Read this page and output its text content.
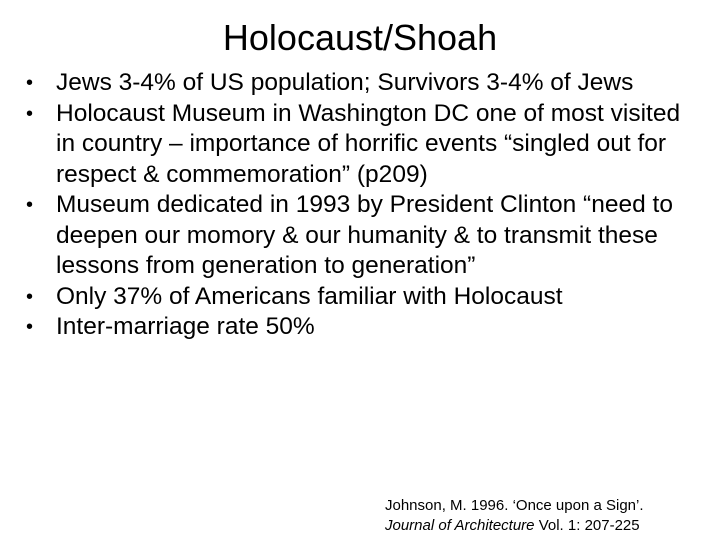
Holocaust/Shoah
• Jews 3-4% of US population; Survivors 3-4% of Jews
• Holocaust Museum in Washington DC one of most visited in country – importance of horrific events “singled out for respect & commemoration” (p209)
• Museum dedicated in 1993 by President Clinton “need to deepen our momory & our humanity & to transmit these lessons from generation to generation”
• Only 37% of Americans familiar with Holocaust
• Inter-marriage rate 50%
Johnson, M. 1996. ‘Once upon a Sign’.
Journal of Architecture Vol. 1: 207-225
